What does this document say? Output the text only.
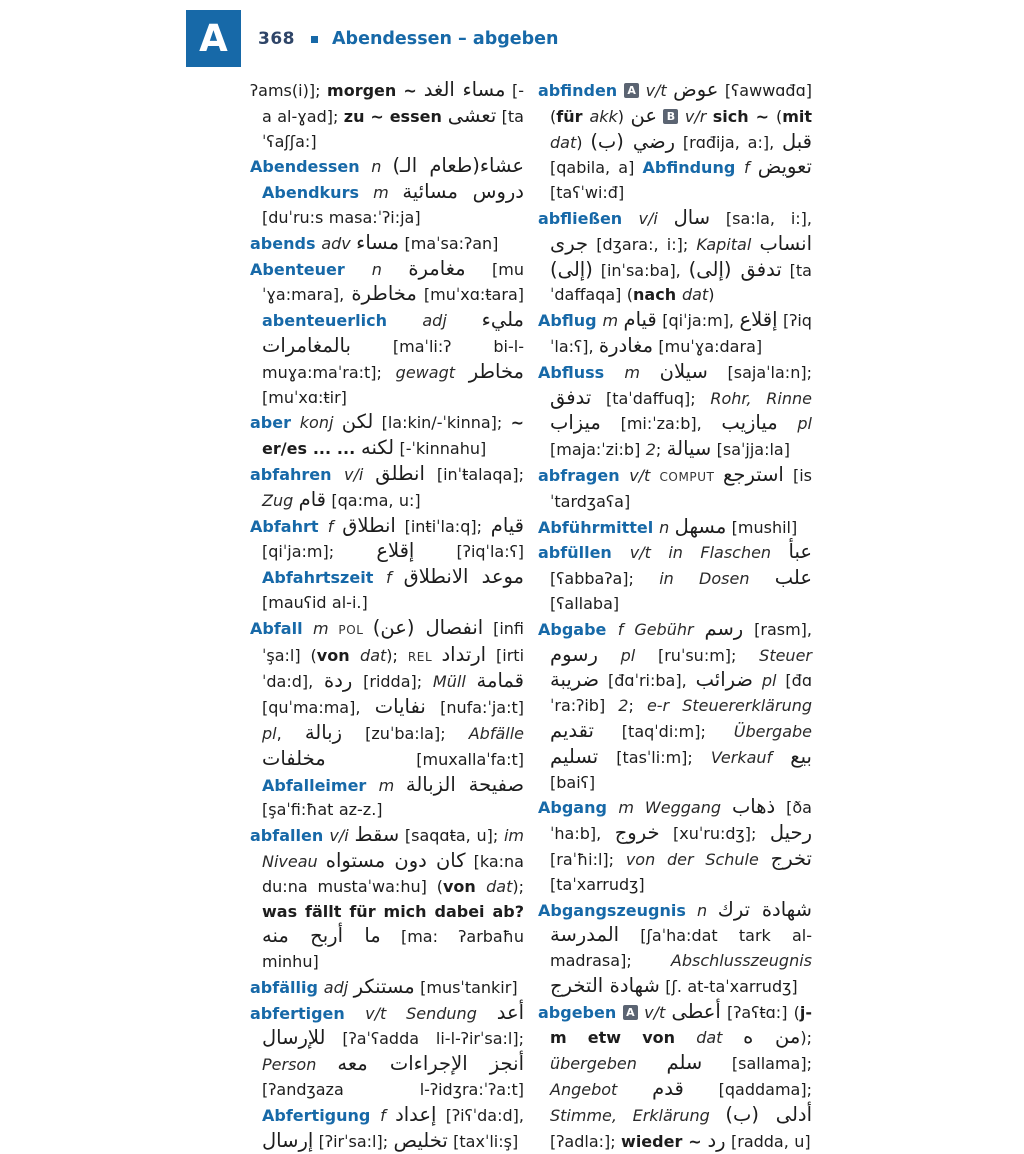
A	368 Abendessen – abgeben

ʔams(i)]; morgen ~ مساء الغد [-a al-ɣad]; zu ~ essen تعشى [taˈʕaʃʃa:]

Abendessen n عشاء(طعام الـ) Abendkurs m دروس مسائية [duˈru:s masa:ˈʔi:ja]

abends adv مساء [maˈsa:ʔan]

Abenteuer n مغامرة [muˈɣa:mara], مخاطرة [muˈxɑ:ŧara] abenteuerlich adj مليء بالمغامرات [maˈli:ʔ bi-l-muɣa:maˈra:t]; gewagt مخاطر [muˈxɑ:ŧir]

aber konj لكن [la:kin/-ˈkinna]; ~ er/es ... ... لكنه [-ˈkinnahu]

abfahren v/i انطلق [inˈŧalaqa]; Zug قام [qa:ma, u:]

Abfahrt f انطلاق [inŧiˈla:q]; قيام [qiˈja:m]; إقلاع [ʔiqˈla:ʕ] Abfahrtszeit f موعد الانطلاق [mauʕid al-i.]

Abfall m POL انفصال (عن) [infiˈşa:l] (von dat); REL ارتداد [irtiˈda:d], ردة [ridda]; Müll قمامة [quˈma:ma], نفايات [nufa:ˈja:t] pl, زبالة [zuˈba:la]; Abfälle مخلفات [muxallaˈfa:t] Abfalleimer m صفيحة الزبالة [şaˈfi:ħat az-z.]

abfallen v/i سقط [saqɑŧa, u]; im Niveau كان دون مستواه [ka:na du:na mustaˈwa:hu] (von dat); was fällt für mich dabei ab? ما أربح منه [ma: ʔarbaħu minhu]

abfällig adj مستنكر [musˈtankir]

abfertigen v/t Sendung أعد للإرسال [ʔaˈʕadda li-l-ʔirˈsa:l]; Person أنجز الإجراءات معه [ʔandʒaza l-ʔidʒra:ˈʔa:t] Abfertigung f إعداد [ʔiʕˈda:d], إرسال [ʔirˈsa:l]; تخليص [taxˈli:ş]

abfinden A v/t عوض [ʕawwɑđɑ] (für akk) عن B v/r sich ~ (mit dat) رضي (ب) [rɑđija, a:], قبل [qabila, a] Abfindung f تعويض [taʕˈwi:đ]

abfließen v/i سال [sa:la, i:], جرى [dʒara:, i:]; Kapital انساب (إلى) [inˈsa:ba], تدفق (إلى) [taˈdaffaqa] (nach dat)

Abflug m قيام [qiˈja:m], إقلاع [ʔiqˈla:ʕ], مغادرة [muˈɣa:dara]

Abfluss m سيلان [sajaˈla:n]; تدفق [taˈdaffuq]; Rohr, Rinne ميزاب [mi:ˈza:b], ميازيب pl [maja:ˈzi:b] 2; سيالة [saˈjja:la]

abfragen v/t COMPUT استرجع [isˈtardʒaʕa]

Abführmittel n مسهل [mushil]

abfüllen v/t in Flaschen عبأ [ʕabbaʔa]; in Dosen علب [ʕallaba]

Abgabe f Gebühr رسم [rasm], رسوم pl [ruˈsu:m]; Steuer ضريبة [đɑˈri:ba], ضرائب pl [đɑˈra:ʔib] 2; e-r Steuererklärung تقديم [taqˈdi:m]; Übergabe تسليم [tasˈli:m]; Verkauf بيع [baiʕ]

Abgang m Weggang ذهاب [ðaˈha:b], خروج [xuˈru:dʒ]; رحيل [raˈħi:l]; von der Schule تخرج [taˈxarrudʒ]

Abgangszeugnis n شهادة ترك المدرسة [ʃaˈha:dat tark al-madrasa]; Abschlusszeugnis شهادة التخرج [ʃ. at-taˈxarrudʒ]

abgeben A v/t أعطى [ʔaʕŧɑ:] (j-m etw von dat من ه); übergeben سلم [sallama]; Angebot قدم [qaddama]; Stimme, Erklärung أدلى (ب) [ʔadla:]; wieder ~ رد [radda, u]
